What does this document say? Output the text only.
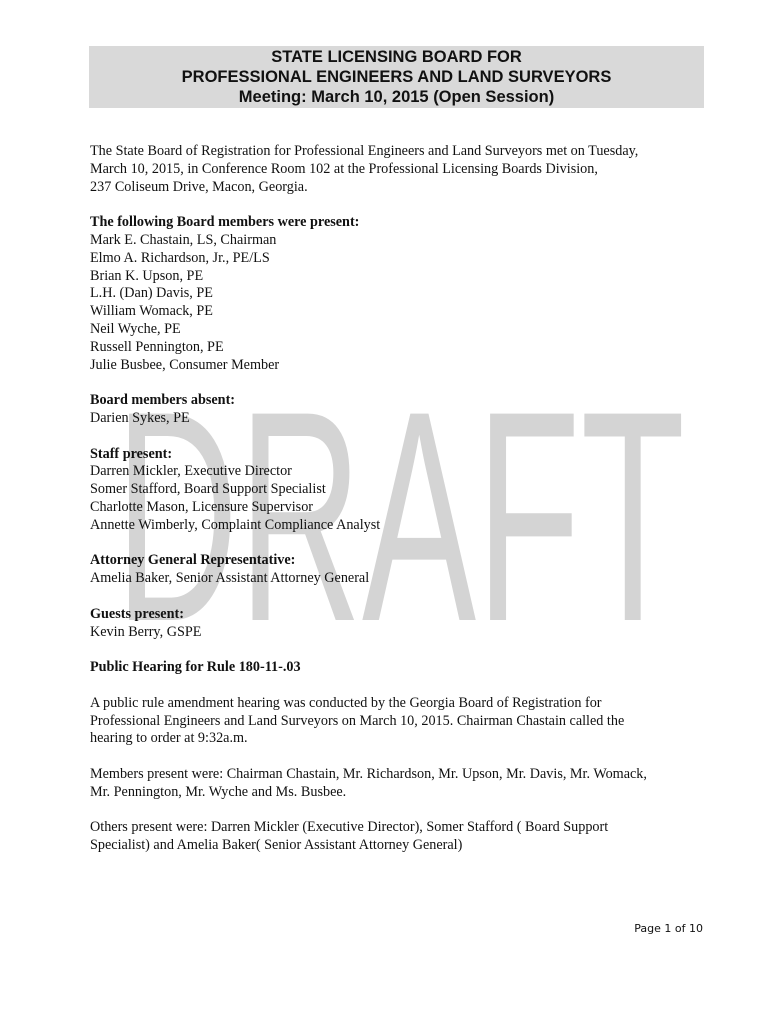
DRAFT
STATE LICENSING BOARD FOR
PROFESSIONAL ENGINEERS AND LAND SURVEYORS
Meeting: March 10, 2015 (Open Session)
The State Board of Registration for Professional Engineers and Land Surveyors met on Tuesday,
March 10, 2015, in Conference Room 102 at the Professional Licensing Boards Division,
237 Coliseum Drive, Macon, Georgia.
The following Board members were present:
Mark E. Chastain, LS, Chairman
Elmo A. Richardson, Jr., PE/LS
Brian K. Upson, PE
L.H. (Dan) Davis, PE
William Womack, PE
Neil Wyche, PE
Russell Pennington, PE
Julie Busbee, Consumer Member
Board members absent:
Darien Sykes, PE
Staff present:
Darren Mickler, Executive Director
Somer Stafford, Board Support Specialist
Charlotte Mason, Licensure Supervisor
Annette Wimberly, Complaint Compliance Analyst
Attorney General Representative:
Amelia Baker, Senior Assistant Attorney General
Guests present:
Kevin Berry, GSPE
Public Hearing for Rule 180-11-.03
A public rule amendment hearing was conducted by the Georgia Board of Registration for
Professional Engineers and Land Surveyors on March 10, 2015. Chairman Chastain called the
hearing to order at 9:32a.m.
Members present were: Chairman Chastain, Mr. Richardson, Mr. Upson, Mr. Davis, Mr. Womack,
Mr. Pennington, Mr. Wyche and Ms. Busbee.
Others present were: Darren Mickler (Executive Director), Somer Stafford ( Board Support
Specialist) and Amelia Baker( Senior Assistant Attorney General)
Page 1 of 10
